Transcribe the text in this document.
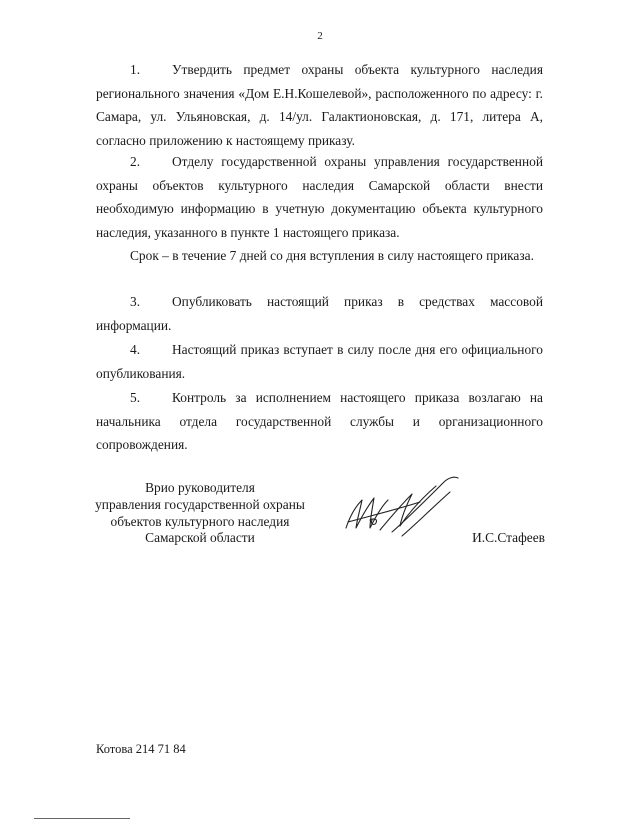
2

1. Утвердить предмет охраны объекта культурного наследия регионального значения «Дом Е.Н.Кошелевой», расположенного по адресу: г. Самара, ул. Ульяновская, д. 14/ул. Галактионовская, д. 171, литера А, согласно приложению к настоящему приказу.

2. Отделу государственной охраны управления государственной охраны объектов культурного наследия Самарской области внести необходимую информацию в учетную документацию объекта культурного наследия, указанного в пункте 1 настоящего приказа.

Срок – в течение 7 дней со дня вступления в силу настоящего приказа.

3. Опубликовать настоящий приказ в средствах массовой информации.

4. Настоящий приказ вступает в силу после дня его официального опубликования.

5. Контроль за исполнением настоящего приказа возлагаю на начальника отдела государственной службы и организационного сопровождения.

Врио руководителя
управления государственной охраны
объектов культурного наследия
Самарской области	И.С.Стафеев
Котова 214 71 84
